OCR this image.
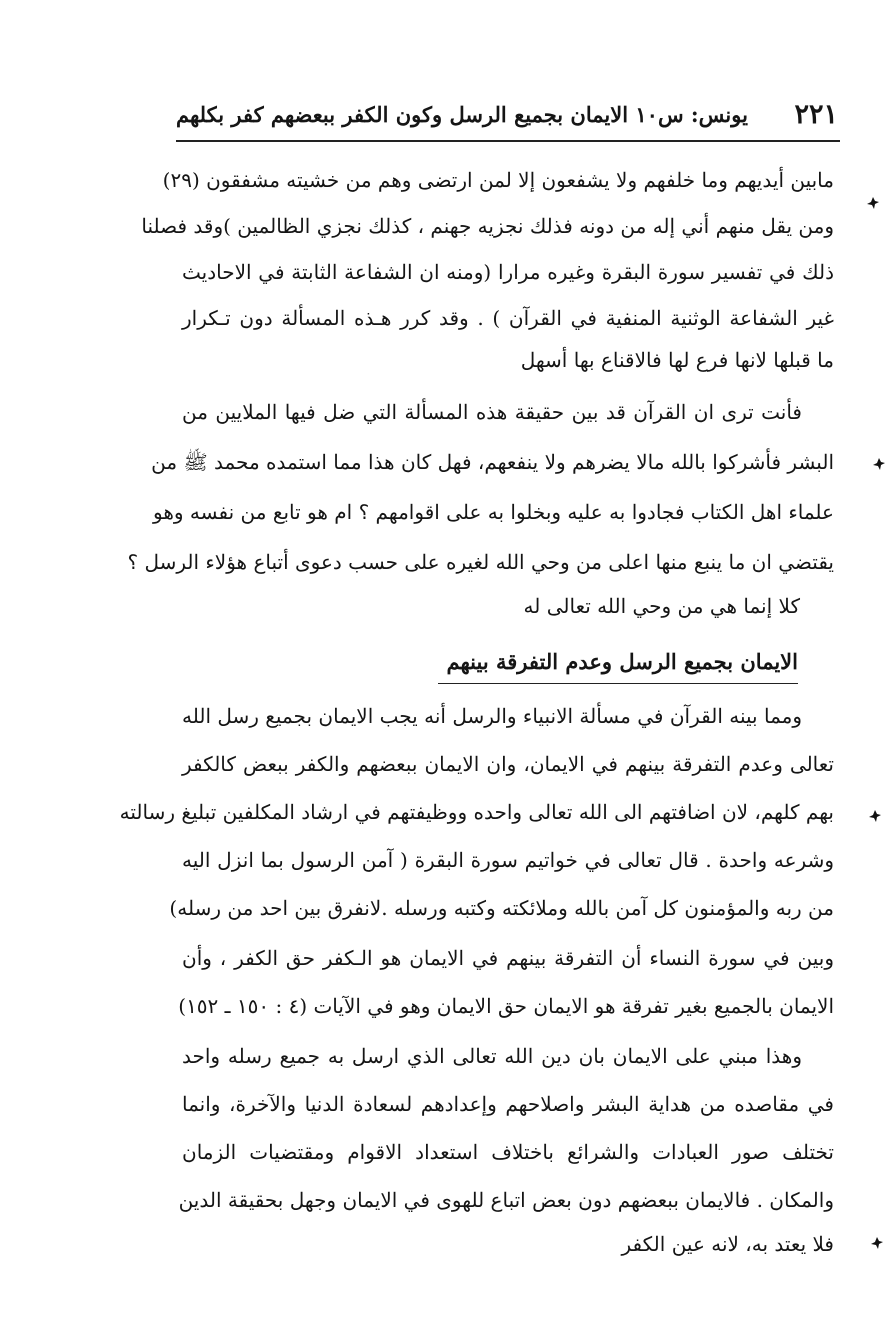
يونس: س١٠ الايمان بجميع الرسل وكون الكفر ببعضهم كفر بكلهم ٢٢١
مابين أيديهم وما خلفهم ولا يشفعون إلا لمن ارتضى وهم من خشيته مشفقون (٢٩)
ومن يقل منهم أني إله من دونه فذلك نجزيه جهنم ، كذلك نجزي الظالمين )وقد فصلنا
ذلك في تفسير سورة البقرة وغيره مرارا (ومنه ان الشفاعة الثابتة في الاحاديث
غير الشفاعة الوثنية المنفية في القرآن ) . وقد كرر هـذه المسألة دون تـكرار
ما قبلها لانها فرع لها فالاقناع بها أسهل
فأنت ترى ان القرآن قد بين حقيقة هذه المسألة التي ضل فيها الملايين من
البشر فأشركوا بالله مالا يضرهم ولا ينفعهم، فهل كان هذا مما استمده محمد ﷺ من
علماء اهل الكتاب فجادوا به عليه وبخلوا به على اقوامهم ؟ ام هو تابع من نفسه وهو
يقتضي ان ما ينبع منها اعلى من وحي الله لغيره على حسب دعوى أتباع هؤلاء الرسل ؟
كلا إنما هي من وحي الله تعالى له
الايمان بجميع الرسل وعدم التفرقة بينهم
ومما بينه القرآن في مسألة الانبياء والرسل أنه يجب الايمان بجميع رسل الله
تعالى وعدم التفرقة بينهم في الايمان، وان الايمان ببعضهم والكفر ببعض كالكفر
بهم كلهم، لان اضافتهم الى الله تعالى واحده ووظيفتهم في ارشاد المكلفين تبليغ رسالته
وشرعه واحدة . قال تعالى في خواتيم سورة البقرة ( آمن الرسول بما انزل اليه
من ربه والمؤمنون كل آمن بالله وملائكته وكتبه ورسله .لانفرق بين احد من رسله)
وبين في سورة النساء أن التفرقة بينهم في الايمان هو الـكفر حق الكفر ، وأن
الايمان بالجميع بغير تفرقة هو الايمان حق الايمان وهو في الآيات (٤ : ١٥٠ ـ ١٥٢)
وهذا مبني على الايمان بان دين الله تعالى الذي ارسل به جميع رسله واحد
في مقاصده من هداية البشر واصلاحهم وإعدادهم لسعادة الدنيا والآخرة، وانما
تختلف صور العبادات والشرائع باختلاف استعداد الاقوام ومقتضيات الزمان
والمكان . فالايمان ببعضهم دون بعض اتباع للهوى في الايمان وجهل بحقيقة الدين
فلا يعتد به، لانه عين الكفر
